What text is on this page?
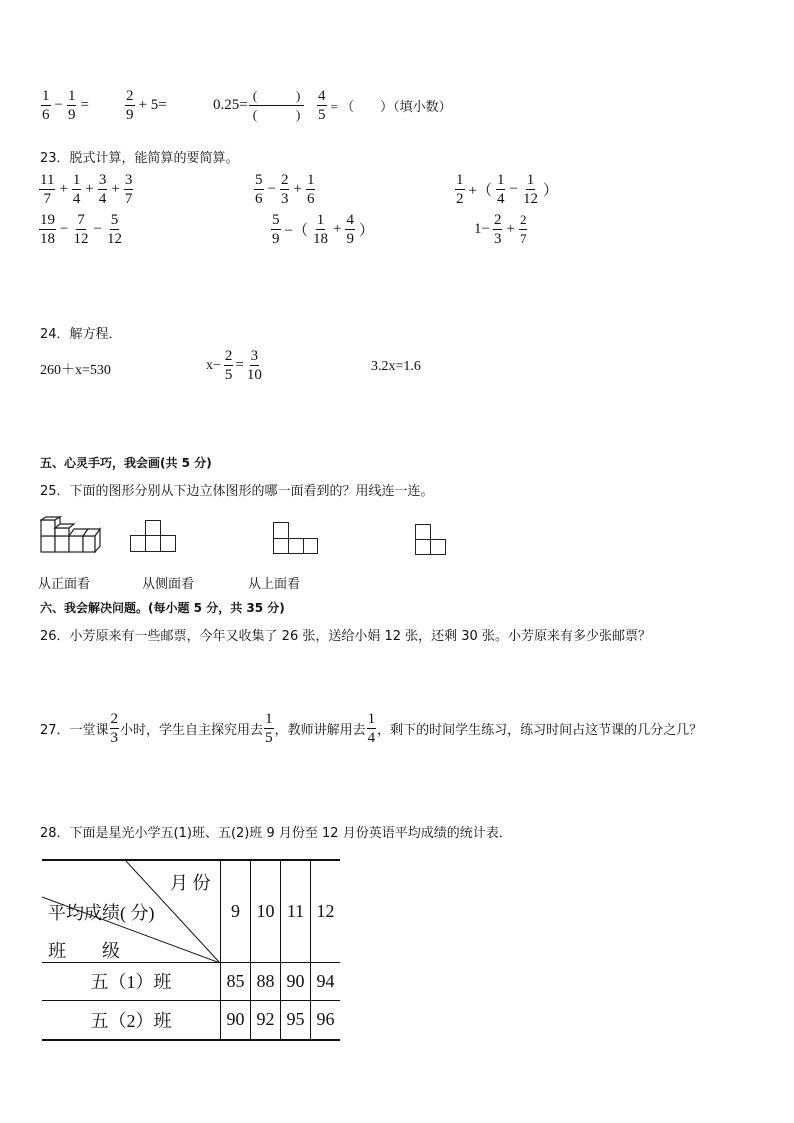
$\frac{1}{6} - \frac{1}{9} = \frac{2}{9} + 5=$	$0.25= \frac{( )}{( )} \frac{4}{5}$ = （　　）（填小数）
23．脱式计算，能简算的要简算。
$\frac{11}{7} + \frac{1}{4} + \frac{3}{4} + \frac{3}{7}$	$\frac{5}{6} - \frac{2}{3} + \frac{1}{6}$	$\frac{1}{2}$ +（ $\frac{1}{4} - \frac{1}{12}$ ）
$\frac{19}{18} - \frac{7}{12} - \frac{5}{12}$	$\frac{5}{9}$ −（ $\frac{1}{18} + \frac{4}{9}$ ）	$1- \frac{2}{3} + \frac{2}{7}$
24．解方程．
260＋x=530	$x- \frac{2}{5} = \frac{3}{10}$	3.2x=1.6
五、心灵手巧，我会画(共 5 分)
25．下面的图形分别从下边立体图形的哪一面看到的？用线连一连。
从正面看	从侧面看	从上面看
六、我会解决问题。(每小题 5 分，共 35 分)
26．小芳原来有一些邮票，今年又收集了 26 张，送给小娟 12 张，还剩 30 张。小芳原来有多少张邮票？
27．一堂课 $\frac{2}{3}$ 小时，学生自主探究用去 $\frac{1}{5}$ ，教师讲解用去 $\frac{1}{4}$ ，剩下的时间学生练习，练习时间占这节课的几分之几？
28．下面是星光小学五(1)班、五(2)班 9 月份至 12 月份英语平均成绩的统计表．
月 份
平均成绩( 分)
班　　级	9	10	11	12
五（1）班	85	88	90	94
五（2）班	90	92	95	96
